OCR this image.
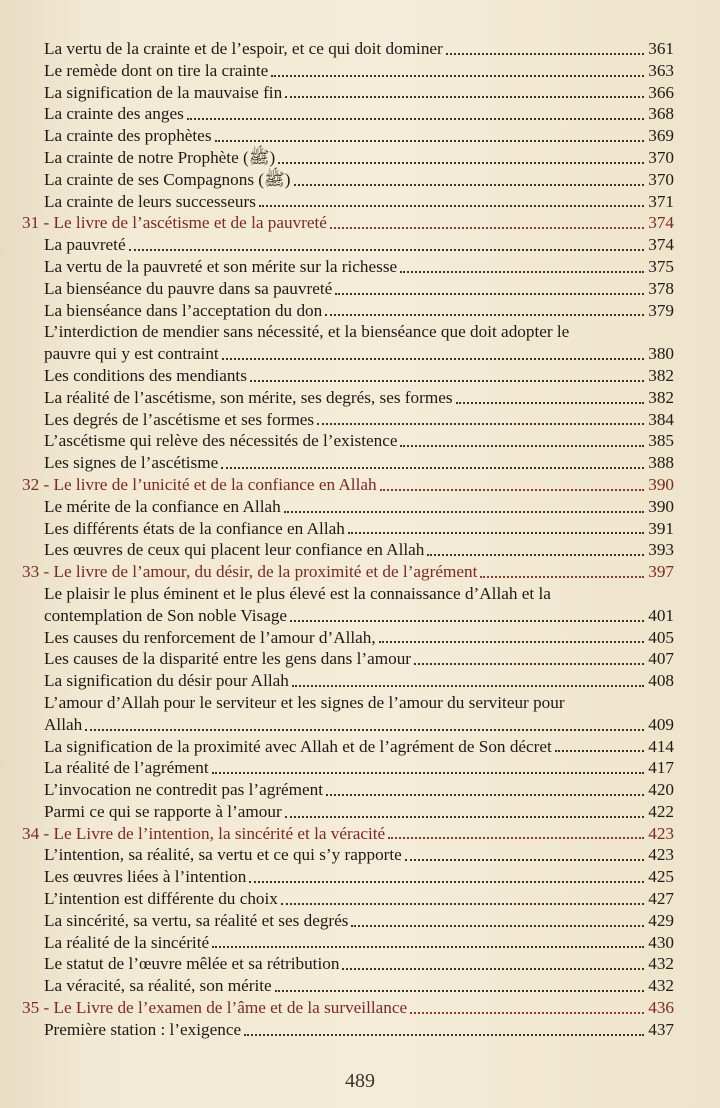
La vertu de la crainte et de l’espoir, et ce qui doit dominer	361
Le remède dont on tire la crainte	363
La signification de la mauvaise fin	366
La crainte des anges	368
La crainte des prophètes	369
La crainte de notre Prophète (ﷺ)	370
La crainte de ses Compagnons (ﷺ)	370
La crainte de leurs successeurs	371
31 - Le livre de l’ascétisme et de la pauvreté	374
La pauvreté	374
La vertu de la pauvreté et son mérite sur la richesse	375
La bienséance du pauvre dans sa pauvreté	378
La bienséance dans l’acceptation du don	379
L’interdiction de mendier sans nécessité, et la bienséance que doit adopter le
pauvre qui y est contraint	380
Les conditions des mendiants	382
La réalité de l’ascétisme, son mérite, ses degrés, ses formes	382
Les degrés de l’ascétisme et ses formes	384
L’ascétisme qui relève des nécessités de l’existence	385
Les signes de l’ascétisme	388
32 - Le livre de l’unicité et de la confiance en Allah	390
Le mérite de la confiance en Allah	390
Les différents états de la confiance en Allah	391
Les œuvres de ceux qui placent leur confiance en Allah	393
33 - Le livre de l’amour, du désir, de la proximité et de l’agrément	397
Le plaisir le plus éminent et le plus élevé est la connaissance d’Allah et la
contemplation de Son noble Visage	401
Les causes du renforcement de l’amour d’Allah,	405
Les causes de la disparité entre les gens dans l’amour	407
La signification du désir pour Allah	408
L’amour d’Allah pour le serviteur et les signes de l’amour du serviteur pour
Allah	409
La signification de la proximité avec Allah et de l’agrément de Son décret	414
La réalité de l’agrément	417
L’invocation ne contredit pas l’agrément	420
Parmi ce qui se rapporte à l’amour	422
34 - Le Livre de l’intention, la sincérité et la véracité	423
L’intention, sa réalité, sa vertu et ce qui s’y rapporte	423
Les œuvres liées à l’intention	425
L’intention est différente du choix	427
La sincérité, sa vertu, sa réalité et ses degrés	429
La réalité de la sincérité	430
Le statut de l’œuvre mêlée et sa rétribution	432
La véracité, sa réalité, son mérite	432
35 - Le Livre de l’examen de l’âme et de la surveillance	436
Première station : l’exigence	437
489
